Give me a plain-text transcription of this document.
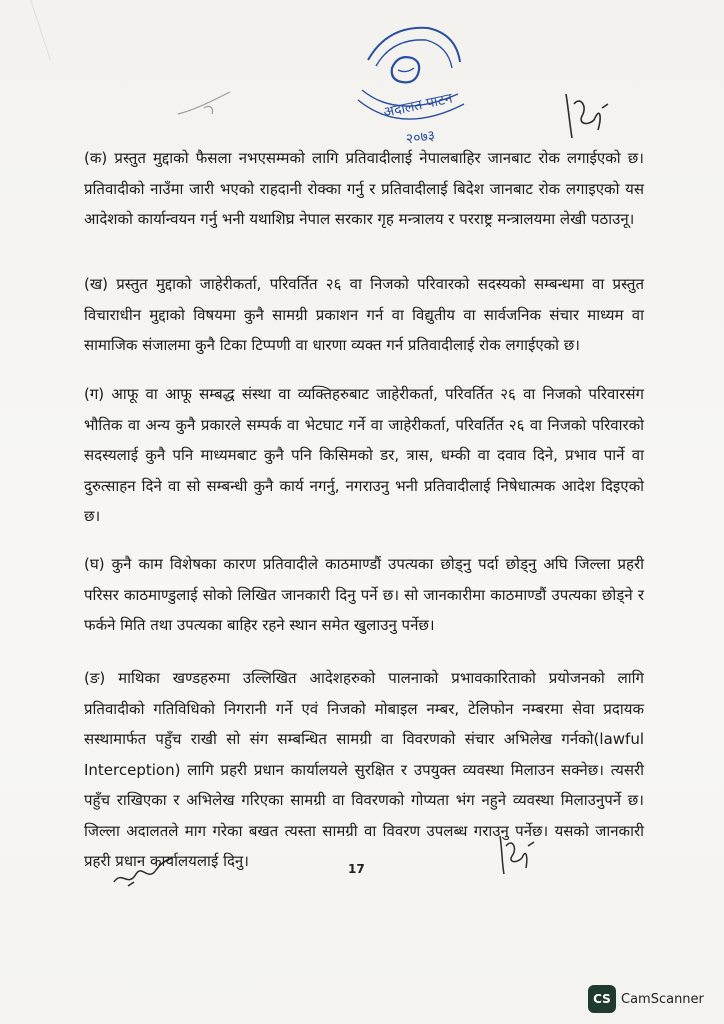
अदालत पाटन
२०७३

(क) प्रस्तुत मुद्दाको फैसला नभएसम्मको लागि प्रतिवादीलाई नेपालबाहिर जानबाट रोक लगाईएको छ। प्रतिवादीको नाउँमा जारी भएको राहदानी रोक्का गर्नु र प्रतिवादीलाई बिदेश जानबाट रोक लगाइएको यस आदेशको कार्यान्वयन गर्नु भनी यथाशिघ्र नेपाल सरकार गृह मन्त्रालय र परराष्ट्र मन्त्रालयमा लेखी पठाउनू।

(ख) प्रस्तुत मुद्दाको जाहेरीकर्ता, परिवर्तित २६ वा निजको परिवारको सदस्यको सम्बन्धमा वा प्रस्तुत विचाराधीन मुद्दाको विषयमा कुनै सामग्री प्रकाशन गर्न वा विद्युतीय वा सार्वजनिक संचार माध्यम वा सामाजिक संजालमा कुनै टिका टिप्पणी वा धारणा व्यक्त गर्न प्रतिवादीलाई रोक लगाईएको छ।

(ग) आफू वा आफू सम्बद्ध संस्था वा व्यक्तिहरुबाट जाहेरीकर्ता, परिवर्तित २६ वा निजको परिवारसंग भौतिक वा अन्य कुनै प्रकारले सम्पर्क वा भेटघाट गर्ने वा जाहेरीकर्ता, परिवर्तित २६ वा निजको परिवारको सदस्यलाई कुनै पनि माध्यमबाट कुनै पनि किसिमको डर, त्रास, धम्की वा दवाव दिने, प्रभाव पार्ने वा दुरुत्साहन दिने वा सो सम्बन्धी कुनै कार्य नगर्नु, नगराउनु भनी प्रतिवादीलाई निषेधात्मक आदेश दिइएको छ।

(घ) कुनै काम विशेषका कारण प्रतिवादीले काठमाण्डौं उपत्यका छोड्नु पर्दा छोड्नु अघि जिल्ला प्रहरी परिसर काठमाण्डुलाई सोको लिखित जानकारी दिनु पर्ने छ। सो जानकारीमा काठमाण्डौं उपत्यका छोड्ने र फर्कने मिति तथा उपत्यका बाहिर रहने स्थान समेत खुलाउनु पर्नेछ।

(ङ) माथिका खण्डहरुमा उल्लिखित आदेशहरुको पालनाको प्रभावकारिताको प्रयोजनको लागि प्रतिवादीको गतिविधिको निगरानी गर्ने एवं निजको मोबाइल नम्बर, टेलिफोन नम्बरमा सेवा प्रदायक सस्थामार्फत पहुँच राखी सो संग सम्बन्धित सामग्री वा विवरणको संचार अभिलेख गर्नको(lawful Interception) लागि प्रहरी प्रधान कार्यालयले सुरक्षित र उपयुक्त व्यवस्था मिलाउन सक्नेछ। त्यसरी पहुँच राखिएका र अभिलेख गरिएका सामग्री वा विवरणको गोप्यता भंग नहुने व्यवस्था मिलाउनुपर्ने छ। जिल्ला अदालतले माग गरेका बखत त्यस्ता सामग्री वा विवरण उपलब्ध गराउनु पर्नेछ। यसको जानकारी प्रहरी प्रधान कार्यालयलाई दिनु।	17
CS CamScanner
